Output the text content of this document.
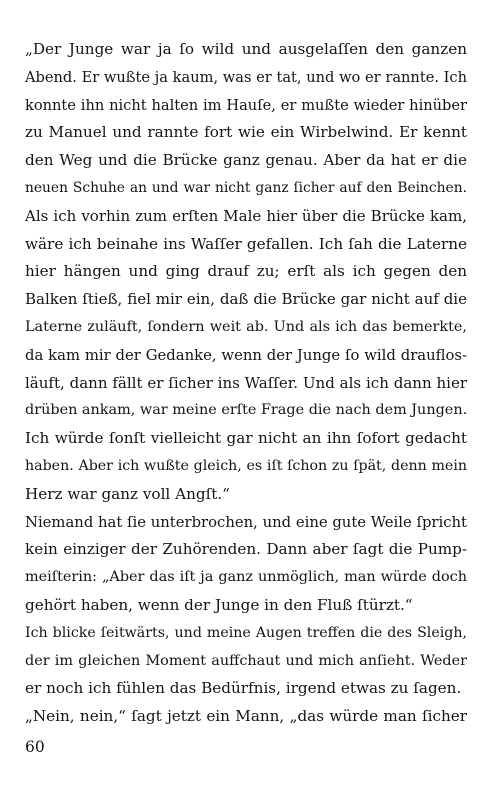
„Der Junge war ja ſo wild und ausgelaſſen den ganzen
Abend. Er wußte ja kaum, was er tat, und wo er rannte. Ich
konnte ihn nicht halten im Hauſe, er mußte wieder hinüber
zu Manuel und rannte fort wie ein Wirbelwind. Er kennt
den Weg und die Brücke ganz genau. Aber da hat er die
neuen Schuhe an und war nicht ganz ſicher auf den Beinchen.
Als ich vorhin zum erſten Male hier über die Brücke kam,
wäre ich beinahe ins Waſſer gefallen. Ich ſah die Laterne
hier hängen und ging drauf zu; erſt als ich gegen den
Balken ſtieß, fiel mir ein, daß die Brücke gar nicht auf die
Laterne zuläuft, ſondern weit ab. Und als ich das bemerkte,
da kam mir der Gedanke, wenn der Junge ſo wild drauflos-
läuft, dann fällt er ſicher ins Waſſer. Und als ich dann hier
drüben ankam, war meine erſte Frage die nach dem Jungen.
Ich würde ſonſt vielleicht gar nicht an ihn ſofort gedacht
haben. Aber ich wußte gleich, es iſt ſchon zu ſpät, denn mein
Herz war ganz voll Angſt.“
Niemand hat ſie unterbrochen, und eine gute Weile ſpricht
kein einziger der Zuhörenden. Dann aber ſagt die Pump-
meiſterin: „Aber das iſt ja ganz unmöglich, man würde doch
gehört haben, wenn der Junge in den Fluß ſtürzt.“
Ich blicke ſeitwärts, und meine Augen treffen die des Sleigh,
der im gleichen Moment auffchaut und mich anſieht. Weder
er noch ich fühlen das Bedürfnis, irgend etwas zu ſagen.
„Nein, nein,“ ſagt jetzt ein Mann, „das würde man ſicher
60
